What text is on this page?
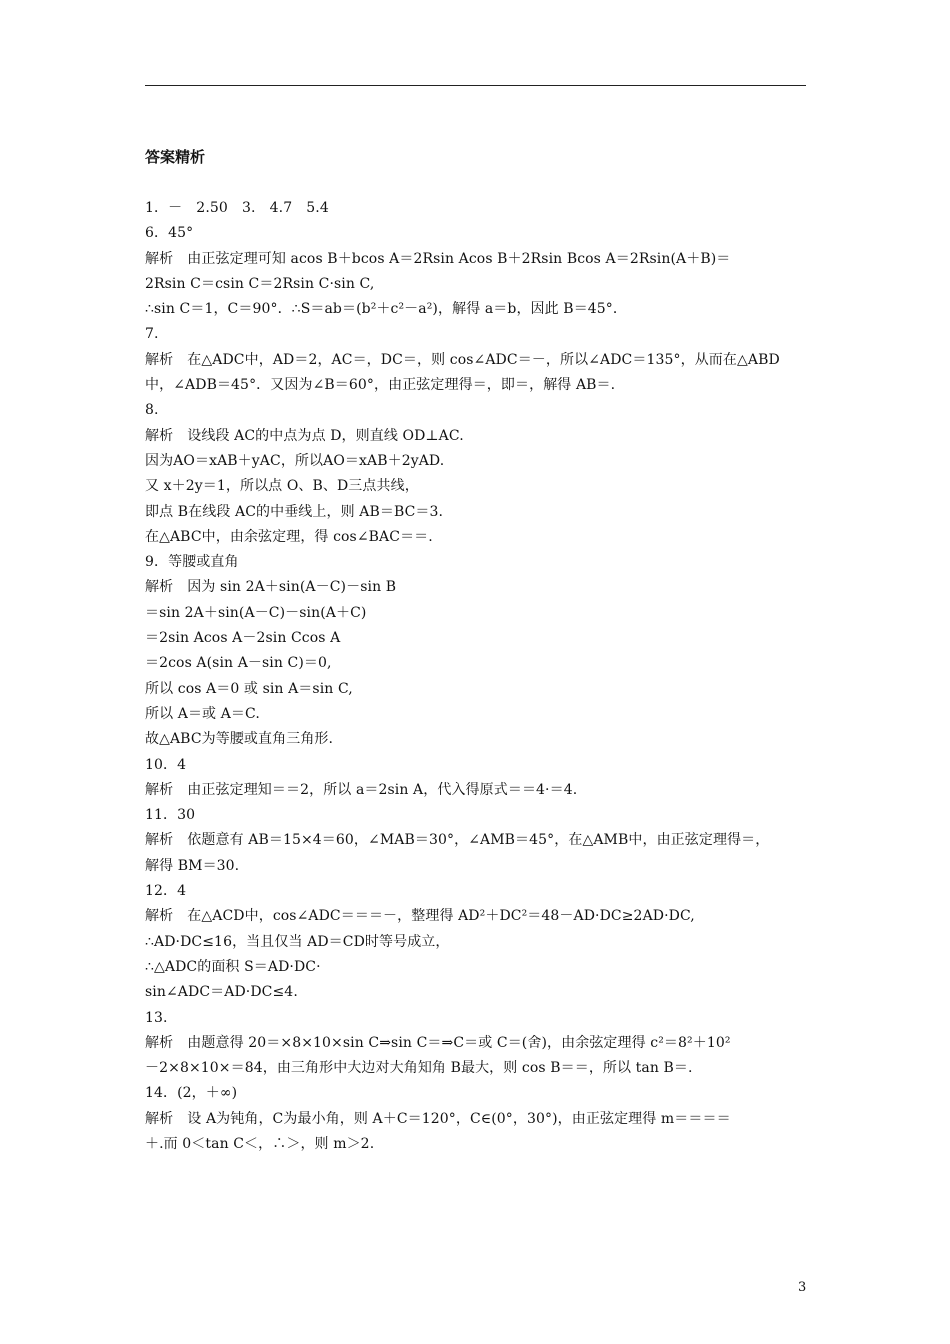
答案精析
1．－　2.50　3.　4.7　5.4
6．45°
解析　由正弦定理可知 acos B＋bcos A＝2Rsin Acos B＋2Rsin Bcos A＝2Rsin(A＋B)＝
2Rsin C＝csin C＝2Rsin C·sin C,
∴sin C＝1，C＝90°．∴S＝ab＝(b²＋c²－a²)，解得 a＝b，因此 B＝45°．
7.
解析　在△ADC中，AD＝2，AC＝，DC＝，则 cos∠ADC＝－，所以∠ADC＝135°，从而在△ABD
中，∠ADB＝45°．又因为∠B＝60°，由正弦定理得＝，即＝，解得 AB＝.
8.
解析　设线段 AC的中点为点 D，则直线 OD⊥AC.
因为AO＝xAB＋yAC，所以AO＝xAB＋2yAD.
又 x＋2y＝1，所以点 O、B、D三点共线，
即点 B在线段 AC的中垂线上，则 AB＝BC＝3.
在△ABC中，由余弦定理，得 cos∠BAC＝＝.
9．等腰或直角
解析　因为 sin 2A＋sin(A－C)－sin B
＝sin 2A＋sin(A－C)－sin(A＋C)
＝2sin Acos A－2sin Ccos A
＝2cos A(sin A－sin C)＝0,
所以 cos A＝0 或 sin A＝sin C,
所以 A＝或 A＝C.
故△ABC为等腰或直角三角形.
10．4
解析　由正弦定理知＝＝2，所以 a＝2sin A，代入得原式＝＝4·＝4.
11．30
解析　依题意有 AB＝15×4＝60，∠MAB＝30°，∠AMB＝45°，在△AMB中，由正弦定理得＝，
解得 BM＝30.
12．4
解析　在△ACD中，cos∠ADC＝＝＝－，整理得 AD²＋DC²＝48－AD·DC≥2AD·DC,
∴AD·DC≤16，当且仅当 AD＝CD时等号成立，
∴△ADC的面积 S＝AD·DC·
sin∠ADC＝AD·DC≤4.
13.
解析　由题意得 20＝×8×10×sin C⇒sin C＝⇒C＝或 C＝(舍)，由余弦定理得 c²＝8²＋10²
－2×8×10×＝84，由三角形中大边对大角知角 B最大，则 cos B＝＝，所以 tan B＝.
14．(2，＋∞)
解析　设 A为钝角，C为最小角，则 A＋C＝120°，C∈(0°，30°)，由正弦定理得 m＝＝＝＝
＋.而 0＜tan C＜，∴＞，则 m＞2.
3
